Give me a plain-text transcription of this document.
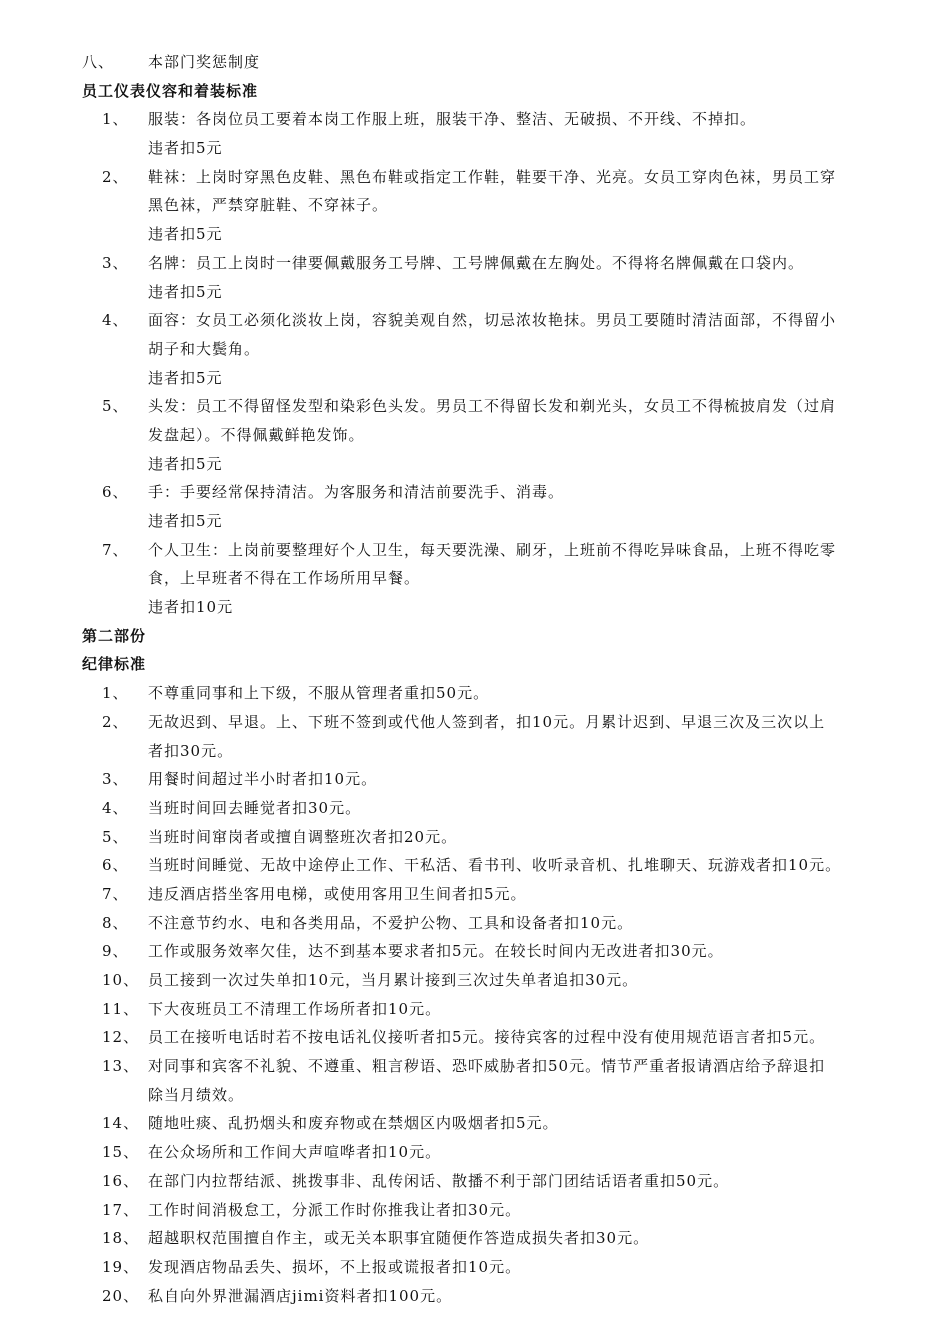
八、 本部门奖惩制度
员工仪表仪容和着装标准
1、	服装：各岗位员工要着本岗工作服上班，服装干净、整洁、无破损、不开线、不掉扣。
违者扣5元
2、	鞋袜：上岗时穿黑色皮鞋、黑色布鞋或指定工作鞋，鞋要干净、光亮。女员工穿肉色袜，男员工穿
黑色袜，严禁穿脏鞋、不穿袜子。
违者扣5元
3、	名牌：员工上岗时一律要佩戴服务工号牌、工号牌佩戴在左胸处。不得将名牌佩戴在口袋内。
违者扣5元
4、	面容：女员工必须化淡妆上岗，容貌美观自然，切忌浓妆艳抹。男员工要随时清洁面部，不得留小
胡子和大鬓角。
违者扣5元
5、	头发：员工不得留怪发型和染彩色头发。男员工不得留长发和剃光头，女员工不得梳披肩发（过肩
发盘起）。不得佩戴鲜艳发饰。
违者扣5元
6、	手：手要经常保持清洁。为客服务和清洁前要洗手、消毒。
违者扣5元
7、	个人卫生：上岗前要整理好个人卫生，每天要洗澡、刷牙，上班前不得吃异味食品，上班不得吃零
食，上早班者不得在工作场所用早餐。
违者扣10元
第二部份
纪律标准
1、	不尊重同事和上下级，不服从管理者重扣50元。
2、	无故迟到、早退。上、下班不签到或代他人签到者，扣10元。月累计迟到、早退三次及三次以上
者扣30元。
3、	用餐时间超过半小时者扣10元。
4、	当班时间回去睡觉者扣30元。
5、	当班时间窜岗者或擅自调整班次者扣20元。
6、	当班时间睡觉、无故中途停止工作、干私活、看书刊、收听录音机、扎堆聊天、玩游戏者扣10元。
7、	违反酒店搭坐客用电梯，或使用客用卫生间者扣5元。
8、	不注意节约水、电和各类用品，不爱护公物、工具和设备者扣10元。
9、	工作或服务效率欠佳，达不到基本要求者扣5元。在较长时间内无改进者扣30元。
10、 员工接到一次过失单扣10元，当月累计接到三次过失单者追扣30元。
11、 下大夜班员工不清理工作场所者扣10元。
12、 员工在接听电话时若不按电话礼仪接听者扣5元。接待宾客的过程中没有使用规范语言者扣5元。
13、 对同事和宾客不礼貌、不遵重、粗言秽语、恐吓威胁者扣50元。情节严重者报请酒店给予辞退扣
除当月绩效。
14、 随地吐痰、乱扔烟头和废弃物或在禁烟区内吸烟者扣5元。
15、 在公众场所和工作间大声喧哗者扣10元。
16、 在部门内拉帮结派、挑拨事非、乱传闲话、散播不利于部门团结话语者重扣50元。
17、 工作时间消极怠工，分派工作时你推我让者扣30元。
18、 超越职权范围擅自作主，或无关本职事宜随便作答造成损失者扣30元。
19、 发现酒店物品丢失、损坏，不上报或谎报者扣10元。
20、 私自向外界泄漏酒店jimi资料者扣100元。
